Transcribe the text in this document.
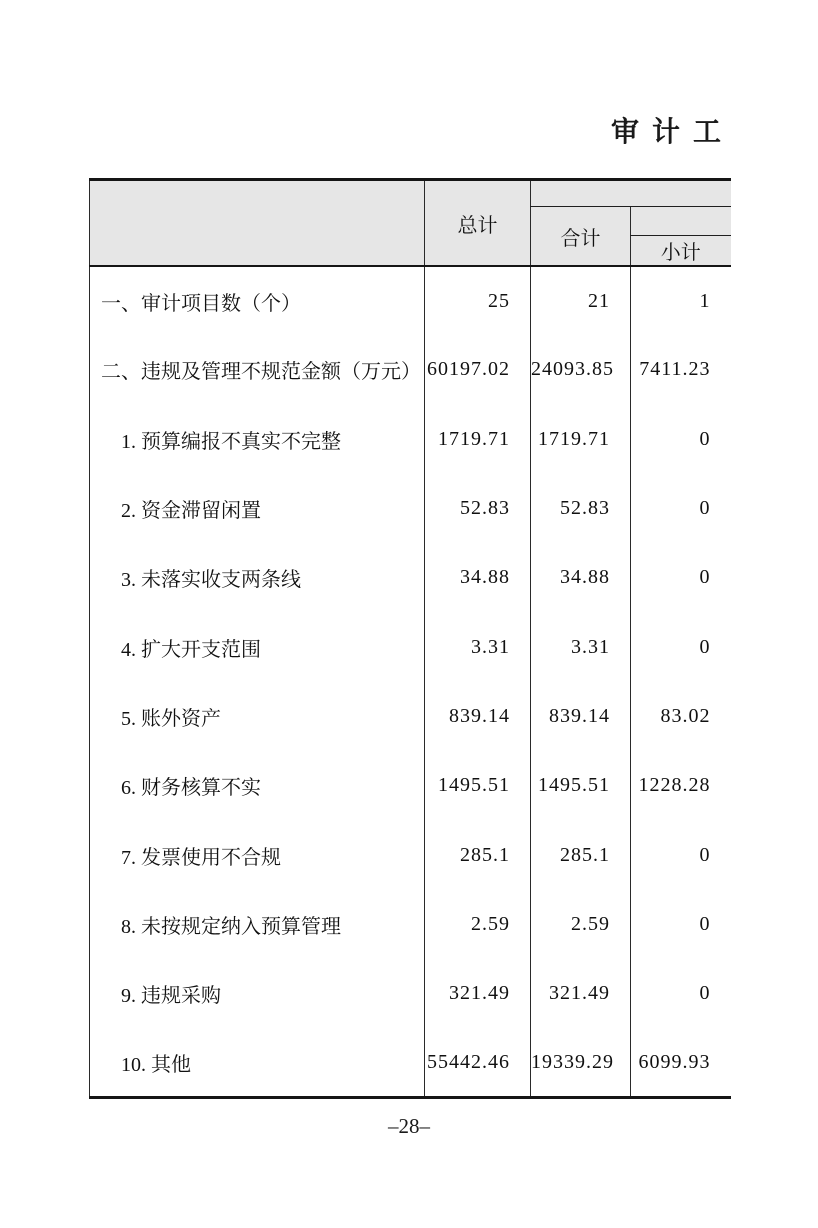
审计工
	总计		
		合计	
			小计
一、审计项目数（个）	25	21	1
二、违规及管理不规范金额（万元）	60197.02	24093.85	7411.23
1. 预算编报不真实不完整	1719.71	1719.71	0
2. 资金滞留闲置	52.83	52.83	0
3. 未落实收支两条线	34.88	34.88	0
4. 扩大开支范围	3.31	3.31	0
5. 账外资产	839.14	839.14	83.02
6. 财务核算不实	1495.51	1495.51	1228.28
7. 发票使用不合规	285.1	285.1	0
8. 未按规定纳入预算管理	2.59	2.59	0
9. 违规采购	321.49	321.49	0
10. 其他	55442.46	19339.29	6099.93
–28–
